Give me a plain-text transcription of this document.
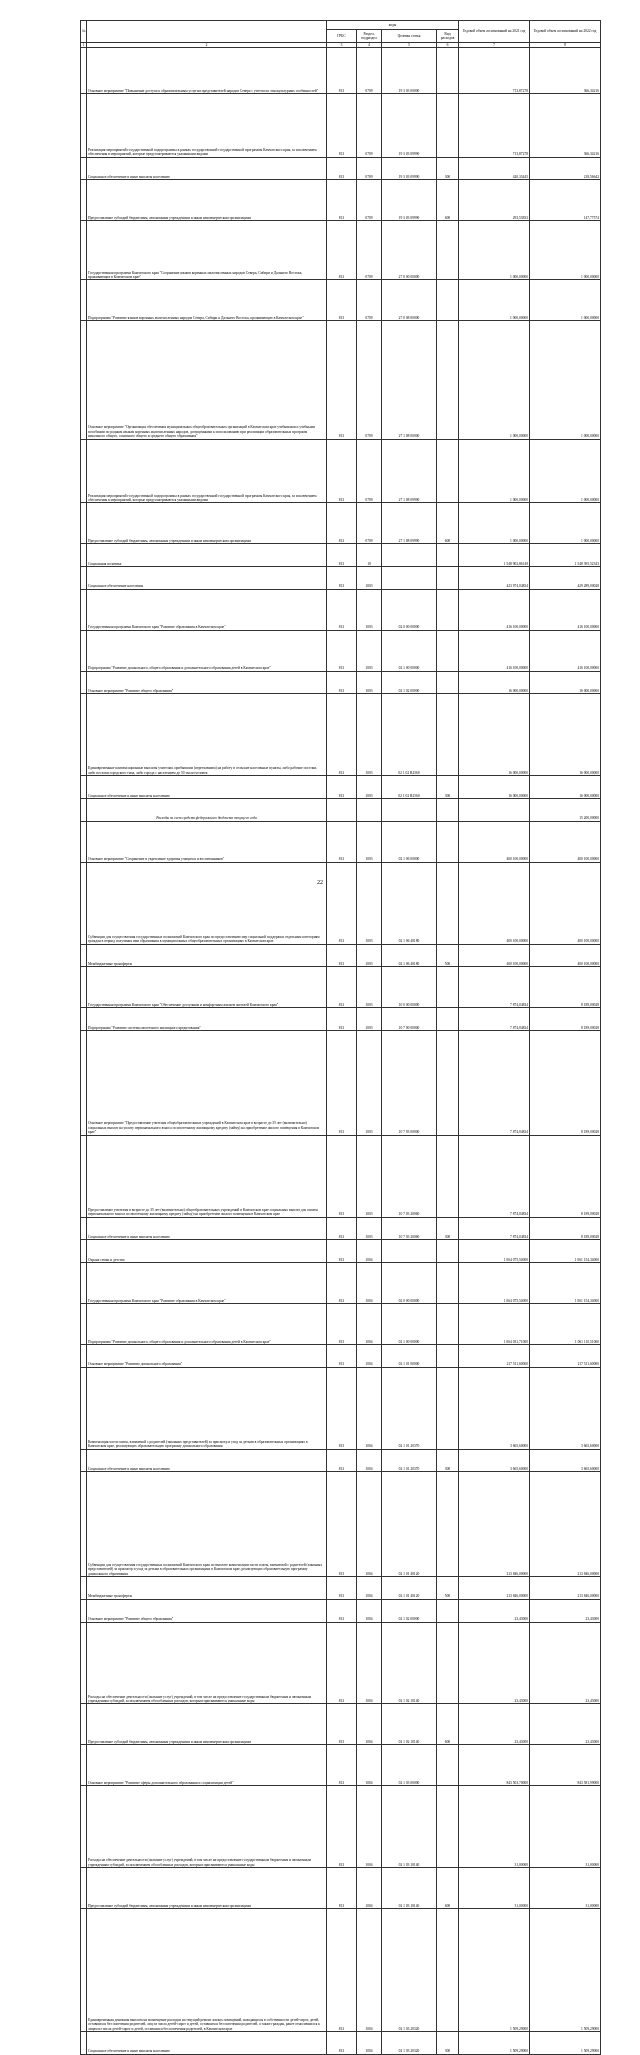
№		коды				Годовой объем ассигнований на 2021 год	Годовой объем ассигнований на 2022 год
		ГРБС	Раздел, подраздел	Целевая статья	Вид расходов		
1	2	3	4	5	6	7	8
	Основное мероприятие "Повышение доступа к образовательным услугам представителей народов Севера с учетом их этнокультурных особенностей"	813	0709	19 3 03 00000		713,87278	366,34216
	Реализация мероприятий государственной подпрограммы в рамках государственной государственной программы Камчатского края, за исключением обеспечения в мероприятий, которые предусматриваются указанными видами	813	0709	19 3 03 09990		713,87278	366,34216
	Социальное обеспечение и иные выплаты населению	813	0709	19 3 03 09990	300	420,33445	218,56642
	Предоставление субсидий бюджетным, автономным учреждениям и иным некоммерческим организациям	813	0709	19 3 03 09990	600	293,53833	147,77574
	Государственная программа Камчатского края "Сохранение языков коренных малочисленных народов Севера, Сибири и Дальнего Востока, проживающих в Камчатском крае"	813	0709	27 0 00 00000		1 000,00000	1 000,00000
	Подпрограмма "Развитие языков коренных малочисленных народов Севера, Сибири и Дальнего Востока, проживающих в Камчатском крае"	813	0709	27 0 08 00000		1 000,00000	1 000,00000
	Основное мероприятие "Организация обеспечения муниципальных общеобразовательных организаций в Камчатском крае учебниками и учебными пособиями по родным языкам коренных малочисленных народов, допущенными к использованию при реализации образовательных программ начального общего, основного общего и среднего общего образования"	813	0709	27 1 08 00000		1 000,00000	1 000,00000
	Реализация мероприятий государственной подпрограммы в рамках государственной государственной программы Камчатского края, за исключением обеспечения в мероприятий, которые предусматриваются указанными видами	813	0709	27 1 08 09990		1 000,00000	1 000,00000
	Предоставление субсидий бюджетным, автономным учреждениям и иным некоммерческим организациям	813	0709	27 1 08 09990	600	1 000,00000	1 000,00000
	Социальная политика	813	10			1 548 902,86149	1 548 395,52343
	Социальное обеспечение населения	813	1003			423 974,04834	429 289,00028
	Государственная программа Камчатского края "Развитие образования в Камчатском крае"	813	1003	02 0 00 00000		416 100,00000	416 100,00000
	Подпрограмма "Развитие дошкольного, общего образования и дополнительного образования детей в Камчатском крае"	813	1003	02 1 00 00000		416 100,00000	416 100,00000
	Основное мероприятие "Развитие общего образования"	813	1003	02 1 02 00000		16 000,00000	16 000,00000
	Единовременные компенсационные выплаты учителям, прибывшим (переехавшим) на работу в сельские населенные пункты, либо рабочие поселки, либо поселки городского типа, либо города с населением до 50 тысяч человек	813	1003	02 1 02 R2560		16 000,00000	16 000,00000
	Социальное обеспечение и иные выплаты населению	813	1003	02 1 02 R2560	300	16 000,00000	16 000,00000
	Расходы за счет средств федерального бюджета текущего года						15 200,00000
	Основное мероприятие "Сохранение и укрепление здоровья учащихся и воспитанников"	813	1003	02 1 06 00000		400 100,00000	400 100,00000
	Субвенции для осуществления государственных полномочий Камчатского края по предоставлению мер социальной поддержки отдельным категориям граждан в период получения ими образования в муниципальных общеобразовательных организациях в Камчатском крае	813	1003	02 1 06 40180		400 100,00000	400 100,00000
	Межбюджетные трансферты	813	1003	02 1 06 40180	500	400 100,00000	400 100,00000
	Государственная программа Камчатского края "Обеспечение доступным и комфортным жильем жителей Камчатского края"	813	1003	10 0 00 00000		7 874,04834	8 189,00028
	Подпрограмма "Развитие системы ипотечного жилищного кредитования"	813	1003	10 7 00 00000		7 874,04834	8 189,00028
	Основное мероприятие "Предоставление учителям общеобразовательных учреждений в Камчатском крае в возрасте до 35 лет (включительно) социальных выплат на уплату первоначального взноса по ипотечному жилищному кредиту (займу) на приобретение жилого помещения в Камчатском крае"	813	1003	10 7 03 00000		7 874,04834	8 189,00028
	Предоставление учителям в возрасте до 35 лет (включительно) общеобразовательных учреждений в Камчатском крае социальных выплат для оплаты первоначального взноса по ипотечному жилищному кредиту (займу) на приобретение жилого помещения в Камчатском крае	813	1003	10 7 03 20060		7 874,04834	8 189,00028
	Социальное обеспечение и иные выплаты населению	813	1003	10 7 03 20060	300	7 874,04834	8 189,00028
	Охрана семьи и детства	813	1004			1 064 075,54000	1 061 154,34000
	Государственная программа Камчатского края "Развитие образования в Камчатском крае"	813	1004	02 0 00 00000		1 064 075,54000	1 061 154,34000
	Подпрограмма "Развитие дошкольного, общего образования и дополнительного образования детей в Камчатском крае"	813	1004	02 1 00 00000		1 064 031,71000	1 061 110,51000
	Основное мероприятие "Развитие дошкольного образования"	813	1004	02 1 01 00000		217 511,60000	217 511,60000
	Компенсация части платы, взимаемой с родителей (законных представителей) за присмотр и уход за детьми в образовательных организациях в Камчатском крае, реализующих образовательную программу дошкольного образования	813	1004	02 1 01 20370		3 665,60000	3 665,60000
	Социальное обеспечение и иные выплаты населению	813	1004	02 1 01 20370	300	3 665,60000	3 665,60000
	Субвенции для осуществления государственных полномочий Камчатского края по выплате компенсации части платы, взимаемой с родителей (законных представителей) за присмотр и уход за детьми в образовательных организациях в Камчатском крае, реализующих образовательную программу дошкольного образования	813	1004	02 1 01 40120		213 846,00000	213 846,00000
	Межбюджетные трансферты	813	1004	02 1 01 40120	500	213 846,00000	213 846,00000
	Основное мероприятие "Развитие общего образования"	813	1004	02 1 02 00000		23,43000	23,43000
	Расходы на обеспечение деятельности (оказание услуг) учреждений, в том числе на предоставление государственным бюджетным и автономным учреждениям субсидий, за исключением обособленных расходов, которым присваиваются уникальные коды	813	1004	02 1 02 10140		23,43000	23,43000
	Предоставление субсидий бюджетным, автономным учреждениям и иным некоммерческим организациям	813	1004	02 1 02 10140	600	23,43000	23,43000
	Основное мероприятие "Развитие сферы дополнительного образования и социализации детей"	813	1004	02 1 03 00000		843 503,70000	843 581,99000
	Расходы на обеспечение деятельности (оказание услуг) учреждений, в том числе на предоставление государственным бюджетным и автономным учреждениям субсидий, за исключением обособленных расходов, которым присваиваются уникальные коды	813	1004	02 1 03 10140		31,00000	31,00000
	Предоставление субсидий бюджетным, автономным учреждениям и иным некоммерческим организациям	813	1004	02 1 03 10140	600	31,00000	31,00000
	Единовременная денежная выплата на возмещение расходов на текущий ремонт жилых помещений, находящихся в собственности детей-сирот, детей, оставшихся без попечения родителей, лиц из числа детей-сирот и детей, оставшихся без попечения родителей, а также граждан, ранее относившихся к лицам из числа детей-сирот и детей, оставшихся без попечения родителей, в Камчатском крае	813	1004	02 1 03 20320		1 509,29000	1 509,29000
	Социальное обеспечение и иные выплаты населению	813	1004	02 1 03 20320	300	1 509,29000	1 509,29000
22
